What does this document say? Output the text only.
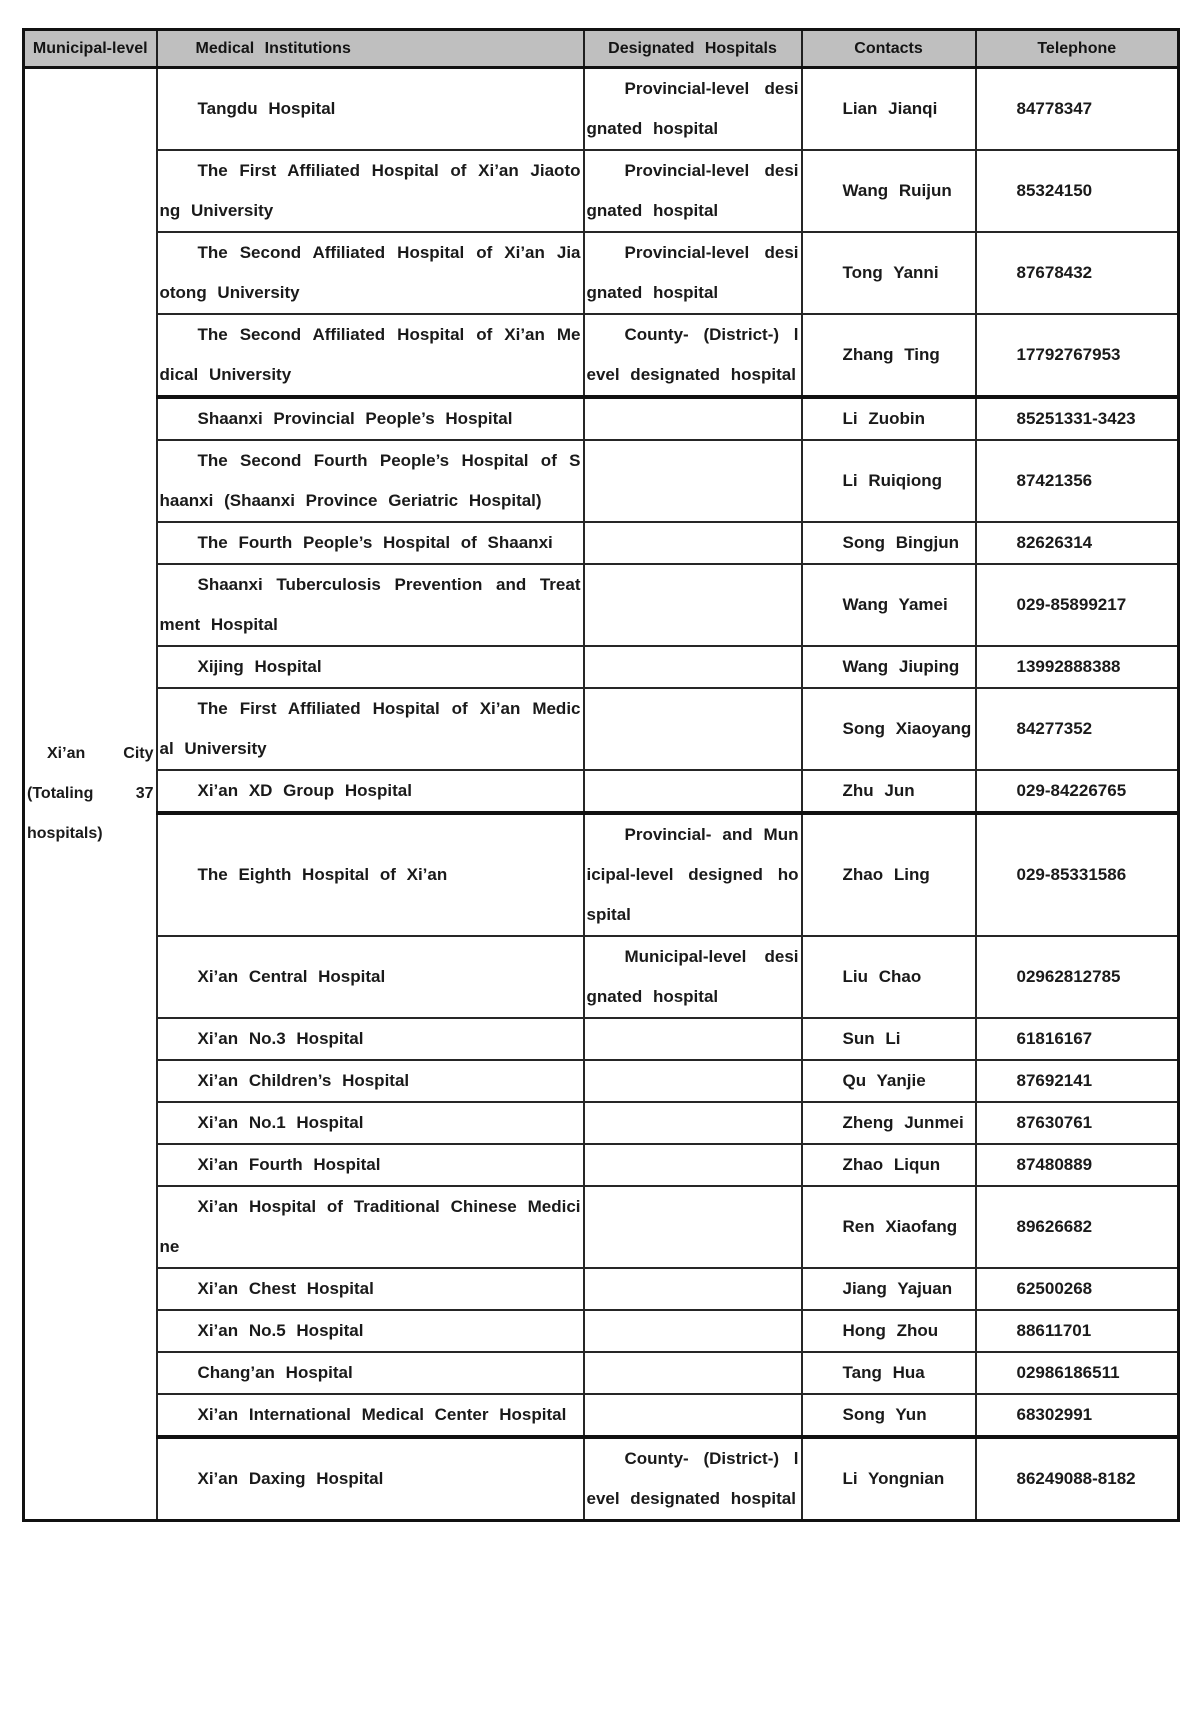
Municipal-level	Medical Institutions	Designated Hospitals	Contacts	Telephone
Xi’an City (Totaling 37 hospitals)	Tangdu Hospital	Provincial-level designated hospital	Lian Jianqi	84778347
	The First Affiliated Hospital of Xi’an Jiaotong University	Provincial-level designated hospital	Wang Ruijun	85324150
	The Second Affiliated Hospital of Xi’an Jiaotong University	Provincial-level designated hospital	Tong Yanni	87678432
	The Second Affiliated Hospital of Xi’an Medical University	County- (District-) level designated hospital	Zhang Ting	17792767953
	Shaanxi Provincial People’s Hospital		Li Zuobin	85251331-3423
	The Second Fourth People’s Hospital of Shaanxi (Shaanxi Province Geriatric Hospital)		Li Ruiqiong	87421356
	The Fourth People’s Hospital of Shaanxi		Song Bingjun	82626314
	Shaanxi Tuberculosis Prevention and Treatment Hospital		Wang Yamei	029-85899217
	Xijing Hospital		Wang Jiuping	13992888388
	The First Affiliated Hospital of Xi’an Medical University		Song Xiaoyang	84277352
	Xi’an XD Group Hospital		Zhu Jun	029-84226765
	The Eighth Hospital of Xi’an	Provincial- and Municipal-level designed hospital	Zhao Ling	029-85331586
	Xi’an Central Hospital	Municipal-level designated hospital	Liu Chao	02962812785
	Xi’an No.3 Hospital		Sun Li	61816167
	Xi’an Children’s Hospital		Qu Yanjie	87692141
	Xi’an No.1 Hospital		Zheng Junmei	87630761
	Xi’an Fourth Hospital		Zhao Liqun	87480889
	Xi’an Hospital of Traditional Chinese Medicine		Ren Xiaofang	89626682
	Xi’an Chest Hospital		Jiang Yajuan	62500268
	Xi’an No.5 Hospital		Hong Zhou	88611701
	Chang’an Hospital		Tang Hua	02986186511
	Xi’an International Medical Center Hospital		Song Yun	68302991
	Xi’an Daxing Hospital	County- (District-) level designated hospital	Li Yongnian	86249088-8182
